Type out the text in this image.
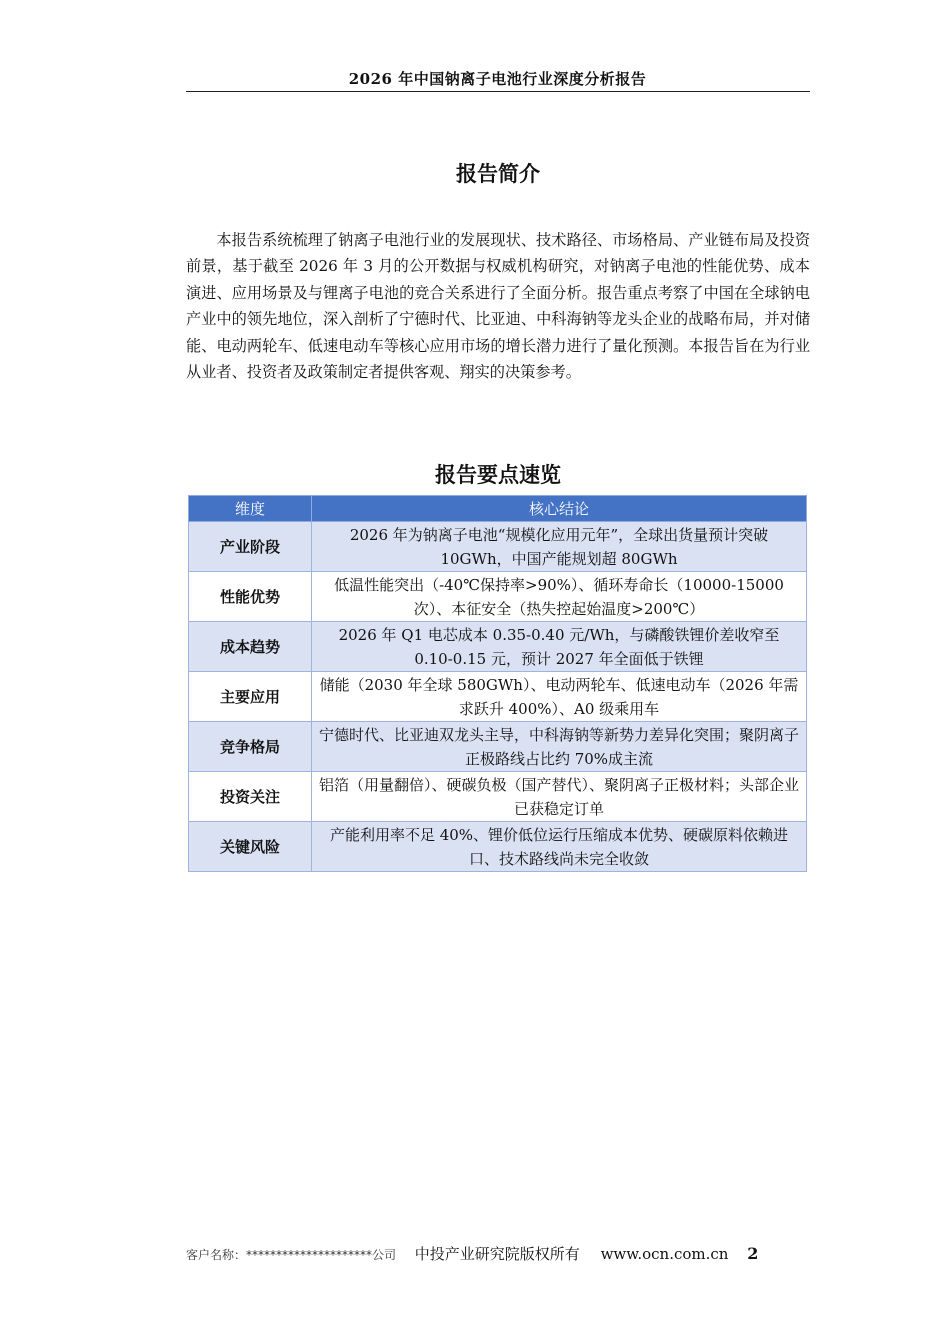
2026 年中国钠离子电池行业深度分析报告
报告简介

本报告系统梳理了钠离子电池行业的发展现状、技术路径、市场格局、产业链布局及投资前景，基于截至 2026 年 3 月的公开数据与权威机构研究，对钠离子电池的性能优势、成本演进、应用场景及与锂离子电池的竞合关系进行了全面分析。报告重点考察了中国在全球钠电产业中的领先地位，深入剖析了宁德时代、比亚迪、中科海钠等龙头企业的战略布局，并对储能、电动两轮车、低速电动车等核心应用市场的增长潜力进行了量化预测。本报告旨在为行业从业者、投资者及政策制定者提供客观、翔实的决策参考。

报告要点速览
维度	核心结论
产业阶段	2026 年为钠离子电池“规模化应用元年”，全球出货量预计突破 10GWh，中国产能规划超 80GWh
性能优势	低温性能突出（-40℃保持率>90%）、循环寿命长（10000-15000 次）、本征安全（热失控起始温度>200℃）
成本趋势	2026 年 Q1 电芯成本 0.35-0.40 元/Wh，与磷酸铁锂价差收窄至 0.10-0.15 元，预计 2027 年全面低于铁锂
主要应用	储能（2030 年全球 580GWh）、电动两轮车、低速电动车（2026 年需求跃升 400%）、A0 级乘用车
竞争格局	宁德时代、比亚迪双龙头主导，中科海钠等新势力差异化突围；聚阴离子正极路线占比约 70%成主流
投资关注	铝箔（用量翻倍）、硬碳负极（国产替代）、聚阴离子正极材料；头部企业已获稳定订单
关键风险	产能利用率不足 40%、锂价低位运行压缩成本优势、硬碳原料依赖进口、技术路线尚未完全收敛
客户名称：*********************公司 中投产业研究院版权所有 www.ocn.com.cn 2
